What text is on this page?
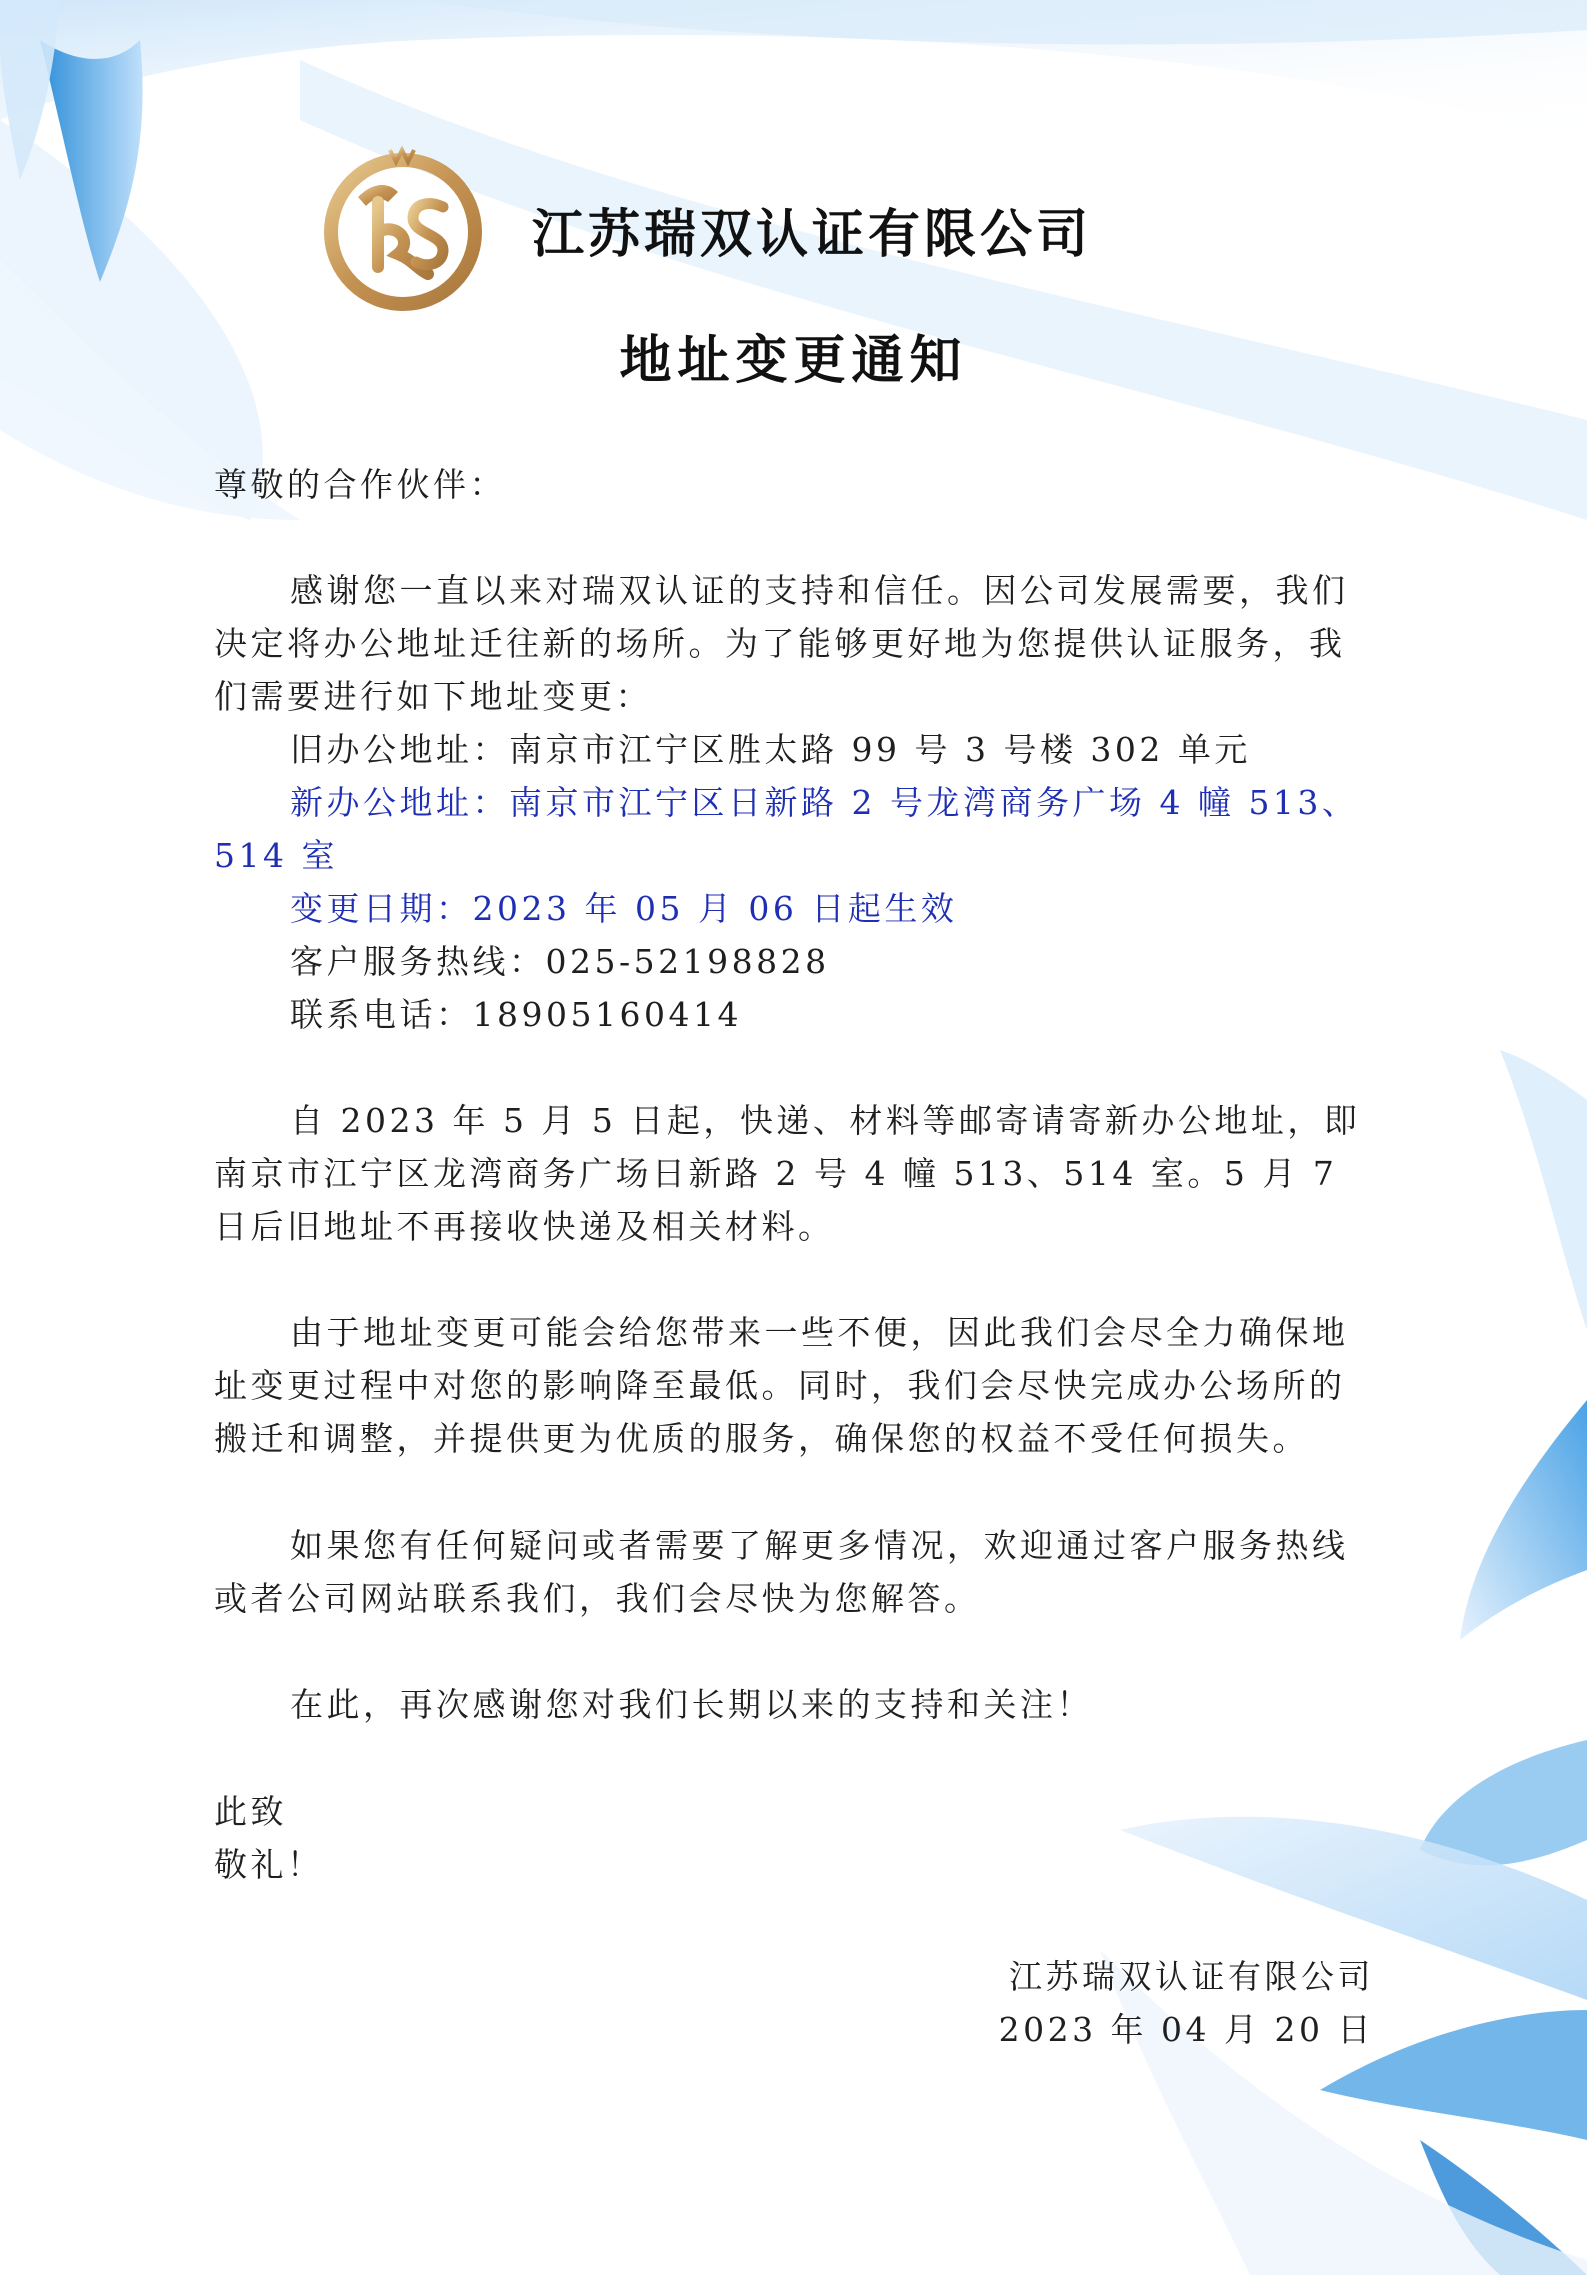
江苏瑞双认证有限公司
地址变更通知
尊敬的合作伙伴：
感谢您一直以来对瑞双认证的支持和信任。因公司发展需要，我们决定将办公地址迁往新的场所。为了能够更好地为您提供认证服务，我们需要进行如下地址变更：
旧办公地址：南京市江宁区胜太路 99 号 3 号楼 302 单元
新办公地址：南京市江宁区日新路 2 号龙湾商务广场 4 幢 513、514 室
变更日期：2023 年 05 月 06 日起生效
客户服务热线：025-52198828
联系电话：18905160414
自 2023 年 5 月 5 日起，快递、材料等邮寄请寄新办公地址，即南京市江宁区龙湾商务广场日新路 2 号 4 幢 513、514 室。5 月 7 日后旧地址不再接收快递及相关材料。
由于地址变更可能会给您带来一些不便，因此我们会尽全力确保地址变更过程中对您的影响降至最低。同时，我们会尽快完成办公场所的搬迁和调整，并提供更为优质的服务，确保您的权益不受任何损失。
如果您有任何疑问或者需要了解更多情况，欢迎通过客户服务热线或者公司网站联系我们，我们会尽快为您解答。
在此，再次感谢您对我们长期以来的支持和关注！
此致
敬礼！
江苏瑞双认证有限公司
2023 年 04 月 20 日
